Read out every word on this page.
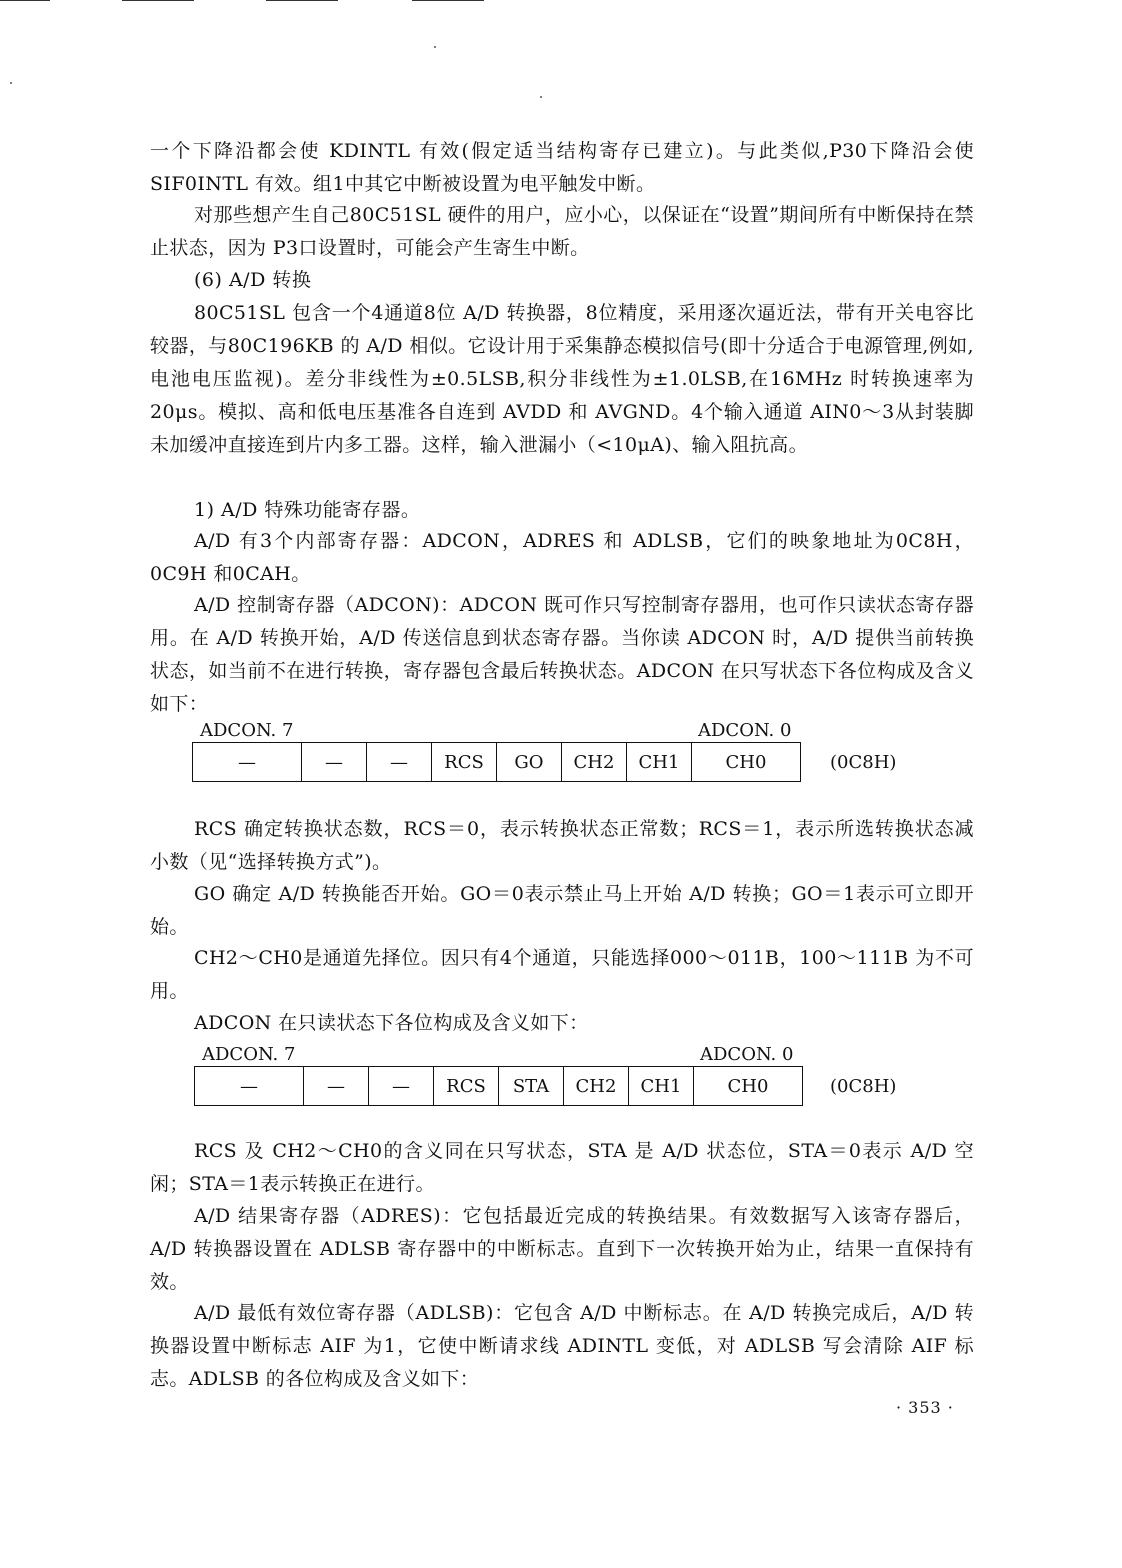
一个下降沿都会使 KDINTL 有效(假定适当结构寄存已建立)。与此类似,P30下降沿会使 SIF0INTL 有效。组1中其它中断被设置为电平触发中断。

对那些想产生自己80C51SL 硬件的用户，应小心，以保证在“设置”期间所有中断保持在禁止状态，因为 P3口设置时，可能会产生寄生中断。

(6) A/D 转换

80C51SL 包含一个4通道8位 A/D 转换器，8位精度，采用逐次逼近法，带有开关电容比较器，与80C196KB 的 A/D 相似。它设计用于采集静态模拟信号(即十分适合于电源管理,例如,电池电压监视)。差分非线性为±0.5LSB,积分非线性为±1.0LSB,在16MHz 时转换速率为20μs。模拟、高和低电压基准各自连到 AVDD 和 AVGND。4个输入通道 AIN0～3从封装脚未加缓冲直接连到片内多工器。这样，输入泄漏小（<10μA)、输入阻抗高。

1) A/D 特殊功能寄存器。

A/D 有3个内部寄存器：ADCON，ADRES 和 ADLSB，它们的映象地址为0C8H，0C9H 和0CAH。

A/D 控制寄存器（ADCON)：ADCON 既可作只写控制寄存器用，也可作只读状态寄存器用。在 A/D 转换开始，A/D 传送信息到状态寄存器。当你读 ADCON 时，A/D 提供当前转换状态，如当前不在进行转换，寄存器包含最后转换状态。ADCON 在只写状态下各位构成及含义如下：

ADCON. 7	ADCON. 0
—	—	—	RCS	GO	CH2	CH1	CH0	(0C8H)

RCS 确定转换状态数，RCS＝0，表示转换状态正常数；RCS＝1，表示所选转换状态减小数（见“选择转换方式”)。

GO 确定 A/D 转换能否开始。GO＝0表示禁止马上开始 A/D 转换；GO＝1表示可立即开始。

CH2～CH0是通道先择位。因只有4个通道，只能选择000～011B，100～111B 为不可用。

ADCON 在只读状态下各位构成及含义如下：

ADCON. 7	ADCON. 0
—	—	—	RCS	STA	CH2	CH1	CH0	(0C8H)

RCS 及 CH2～CH0的含义同在只写状态，STA 是 A/D 状态位，STA＝0表示 A/D 空闲；STA＝1表示转换正在进行。

A/D 结果寄存器（ADRES)：它包括最近完成的转换结果。有效数据写入该寄存器后，A/D 转换器设置在 ADLSB 寄存器中的中断标志。直到下一次转换开始为止，结果一直保持有效。

A/D 最低有效位寄存器（ADLSB)：它包含 A/D 中断标志。在 A/D 转换完成后，A/D 转换器设置中断标志 AIF 为1，它使中断请求线 ADINTL 变低，对 ADLSB 写会清除 AIF 标志。ADLSB 的各位构成及含义如下：

· 353 ·
